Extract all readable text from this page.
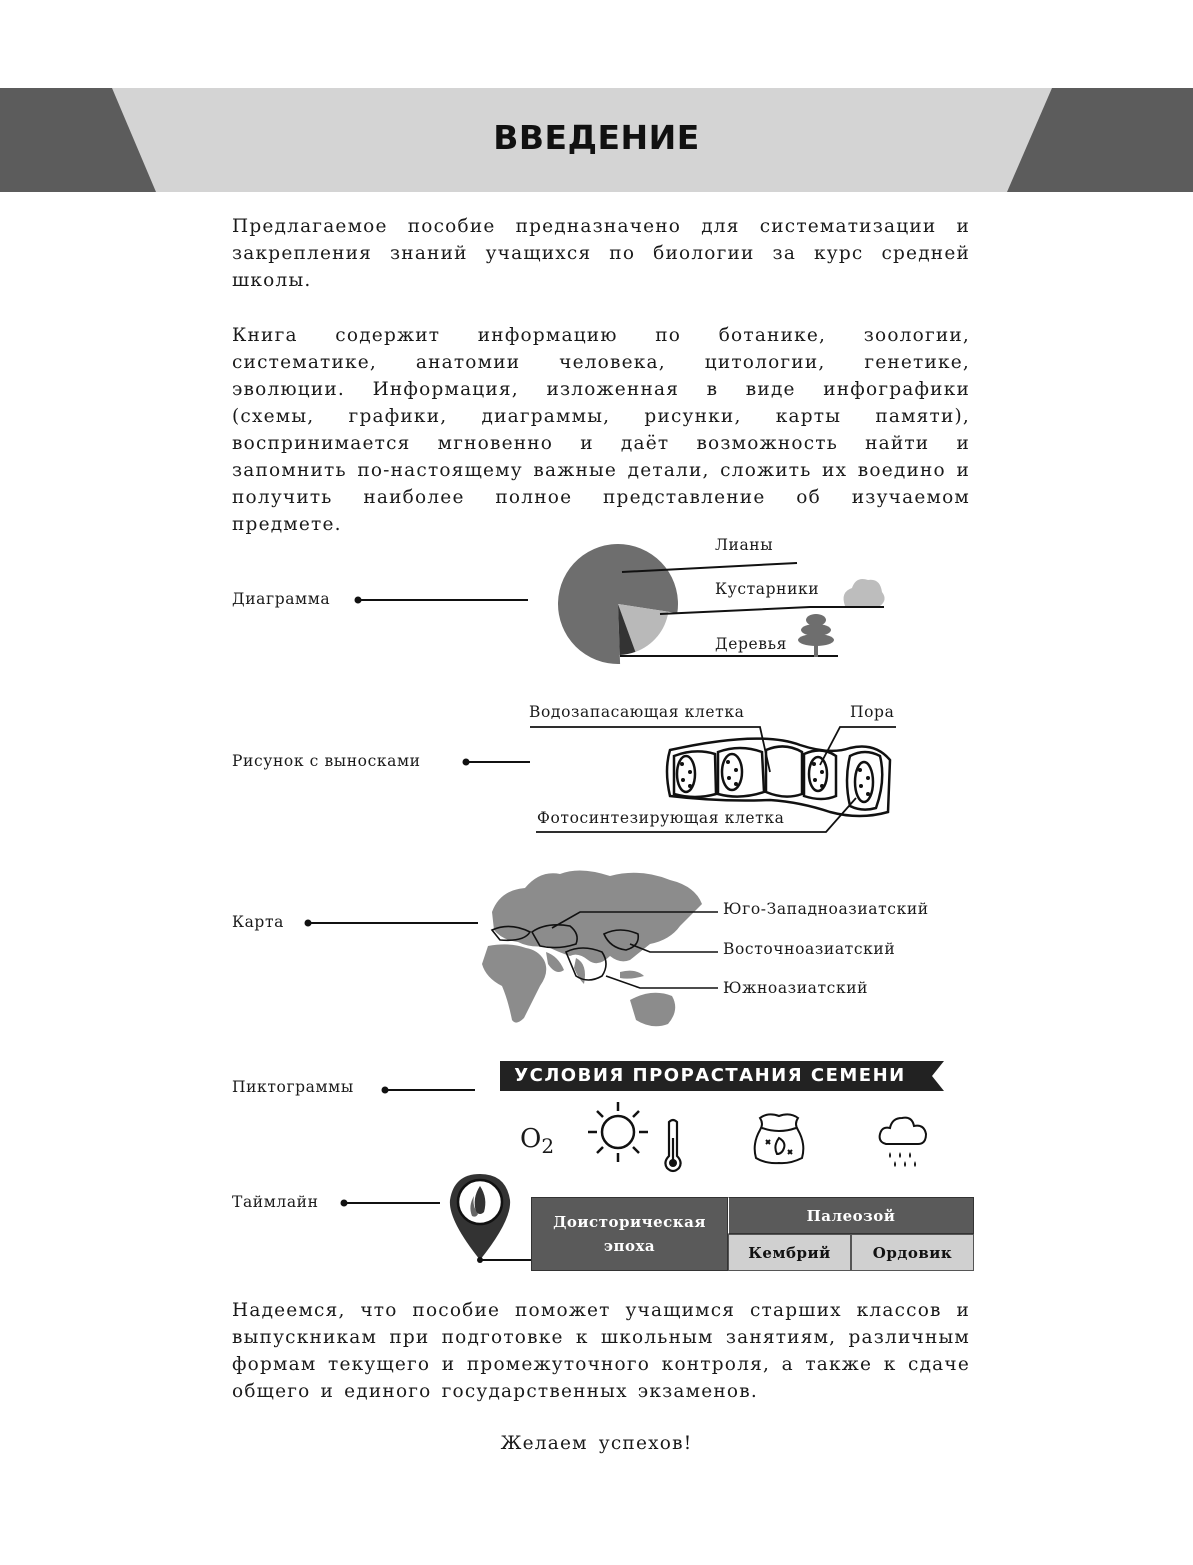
ВВЕДЕНИЕ

Предлагаемое пособие предназначено для систематизации и закрепления знаний учащихся по биологии за курс средней школы.

Книга содержит информацию по ботанике, зоологии, систематике, анатомии человека, цитологии, генетике, эволюции. Информация, изложенная в виде инфографики (схемы, графики, диаграммы, рисунки, карты памяти), воспринимается мгновенно и даёт возможность найти и запомнить по-настоящему важные детали, сложить их воедино и получить наиболее полное представление об изучаемом предмете.

Диаграмма
Лианы
Кустарники
Деревья
Рисунок с выносками
Водозапасающая клетка	Пора
Фотосинтезирующая клетка
Карта
Юго-Западноазиатский
Восточноазиатский
Южноазиатский
Пиктограммы
УСЛОВИЯ ПРОРАСТАНИЯ СЕМЕНИ
$O_2$
Таймлайн
Доисторическая эпоха
Палеозой
Кембрий	Ордовик

Надеемся, что пособие поможет учащимся старших классов и выпускникам при подготовке к школьным занятиям, различным формам текущего и промежуточного контроля, а также к сдаче общего и единого государственных экзаменов.

Желаем успехов!
